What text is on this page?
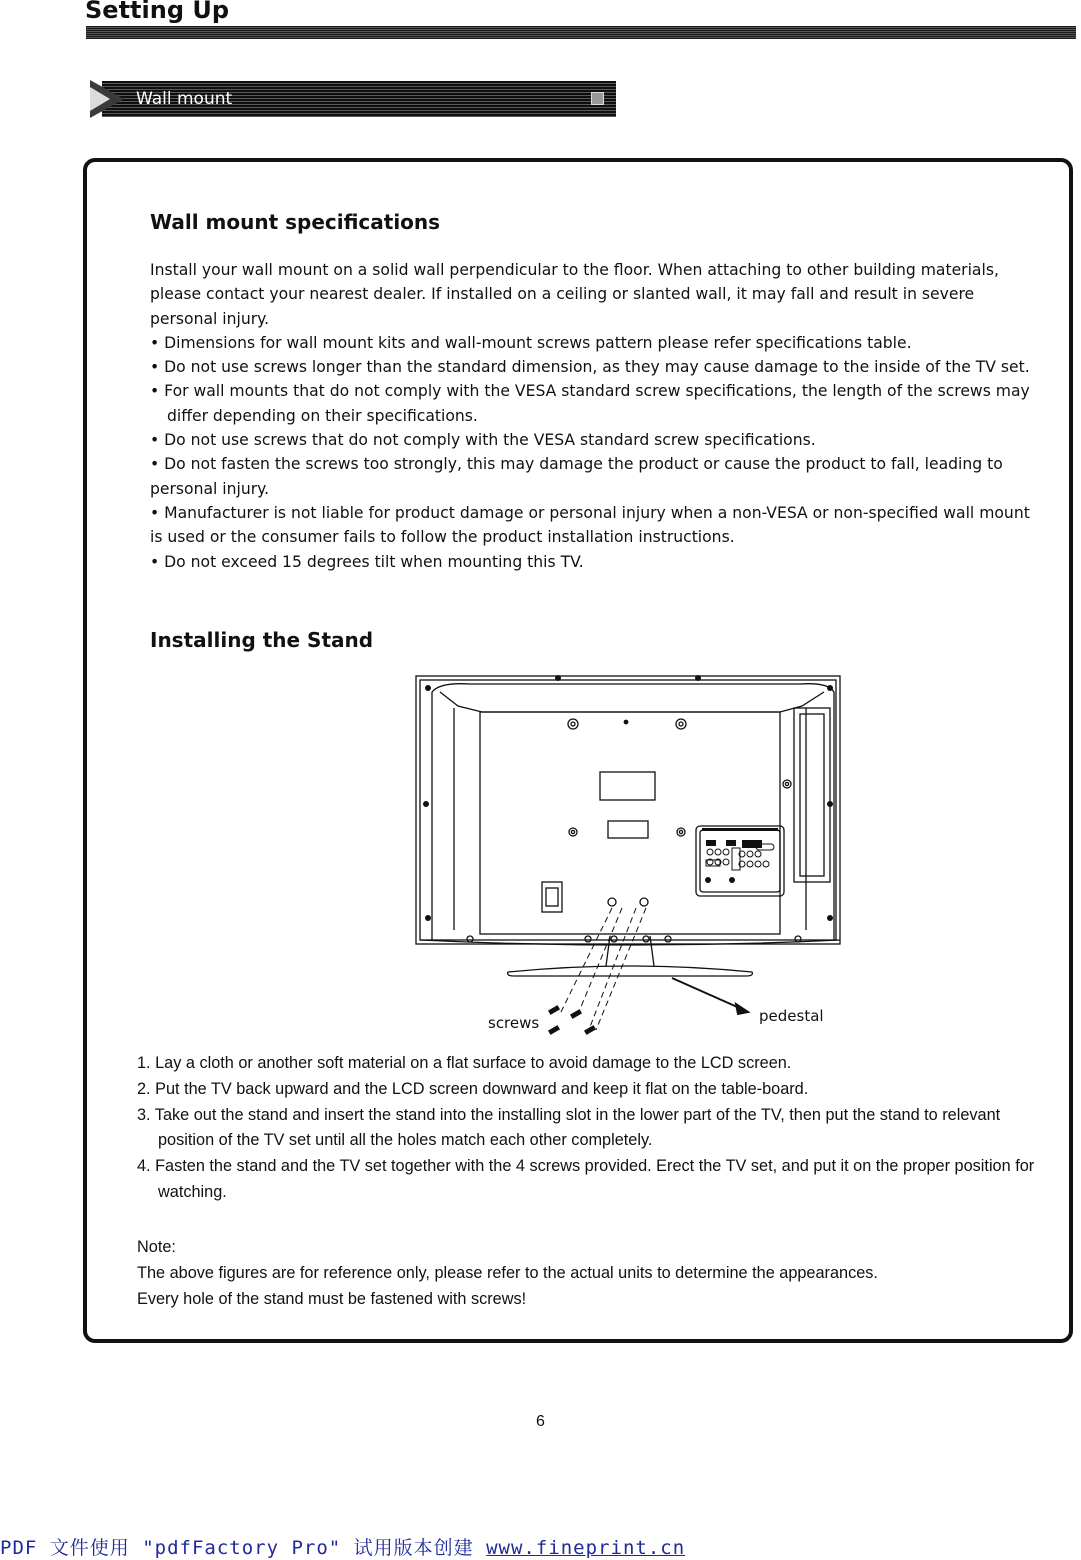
Setting Up
Wall mount
Wall mount specifications

Install your wall mount on a solid wall perpendicular to the floor. When attaching to other building materials, please contact your nearest dealer. If installed on a ceiling or slanted wall, it may fall and result in severe personal injury.

• Dimensions for wall mount kits and wall-mount screws pattern please refer specifications table.

• Do not use screws longer than the standard dimension, as they may cause damage to the inside of the TV set.

• For wall mounts that do not comply with the VESA standard screw specifications, the length of the screws may differ depending on their specifications.

• Do not use screws that do not comply with the VESA standard screw specifications.

• Do not fasten the screws too strongly, this may damage the product or cause the product to fall, leading to personal injury.

• Manufacturer is not liable for product damage or personal injury when a non-VESA or non-specified wall mount is used or the consumer fails to follow the product installation instructions.

• Do not exceed 15 degrees tilt when mounting this TV.

Installing the Stand
screws	pedestal

1. Lay a cloth or another soft material on a flat surface to avoid damage to the LCD screen.

2. Put the TV back upward and the LCD screen downward and keep it flat on the table-board.

3. Take out the stand and insert the stand into the installing slot in the lower part of the TV, then put the stand to relevant position of the TV set until all the holes match each other completely.

4. Fasten the stand and the TV set together with the 4 screws provided. Erect the TV set, and put it on the proper position for watching.

Note:

The above figures are for reference only, please refer to the actual units to determine the appearances.

Every hole of the stand must be fastened with screws!

6
PDF 文件使用 "pdfFactory Pro" 试用版本创建 www.fineprint.cn
